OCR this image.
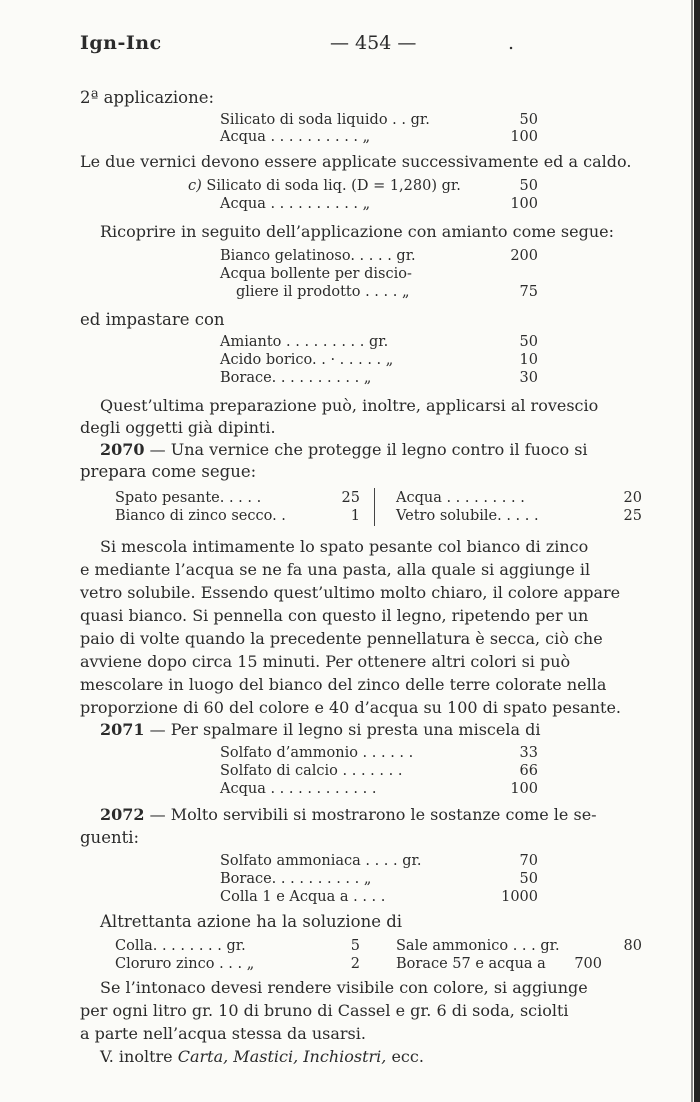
Ign-Inc	— 454 —	.
2ª applicazione:
Silicato di soda liquido . . gr.	50
Acqua . . . . . . . . . . „	100
Le due vernici devono essere applicate successivamente ed a caldo.
c) Silicato di soda liq. (D = 1,280) gr.	50
Acqua . . . . . . . . . . „	100
Ricoprire in seguito dell’applicazione con amianto come segue:
Bianco gelatinoso. . . . . gr.	200
Acqua bollente per discio-
gliere il prodotto . . . . „	75
ed impastare con
Amianto . . . . . . . . . gr.	50
Acido borico. . · . . . . . „	10
Borace. . . . . . . . . . „	30
Quest’ultima preparazione può, inoltre, applicarsi al rovescio
degli oggetti già dipinti.
2070 — Una vernice che protegge il legno contro il fuoco si
prepara come segue:
Spato pesante. . . . .	25 Acqua . . . . . . . . .	20
Bianco di zinco secco. .	1 Vetro solubile. . . . .	25
Si mescola intimamente lo spato pesante col bianco di zinco
e mediante l’acqua se ne fa una pasta, alla quale si aggiunge il
vetro solubile. Essendo quest’ultimo molto chiaro, il colore appare
quasi bianco. Si pennella con questo il legno, ripetendo per un
paio di volte quando la precedente pennellatura è secca, ciò che
avviene dopo circa 15 minuti. Per ottenere altri colori si può
mescolare in luogo del bianco del zinco delle terre colorate nella
proporzione di 60 del colore e 40 d’acqua su 100 di spato pesante.
2071 — Per spalmare il legno si presta una miscela di
Solfato d’ammonio . . . . . .	33
Solfato di calcio . . . . . . .	66
Acqua . . . . . . . . . . . .	100
2072 — Molto servibili si mostrarono le sostanze come le se-
guenti:
Solfato ammoniaca . . . . gr.	70
Borace. . . . . . . . . . „	50
Colla 1 e Acqua a . . . .	1000
Altrettanta azione ha la soluzione di
Colla. . . . . . . . gr.	5 Sale ammonico . . . gr.	80
Cloruro zinco . . . „	2 Borace 57 e acqua a 700
Se l’intonaco devesi rendere visibile con colore, si aggiunge
per ogni litro gr. 10 di bruno di Cassel e gr. 6 di soda, sciolti
a parte nell’acqua stessa da usarsi.
V. inoltre Carta, Mastici, Inchiostri, ecc.
